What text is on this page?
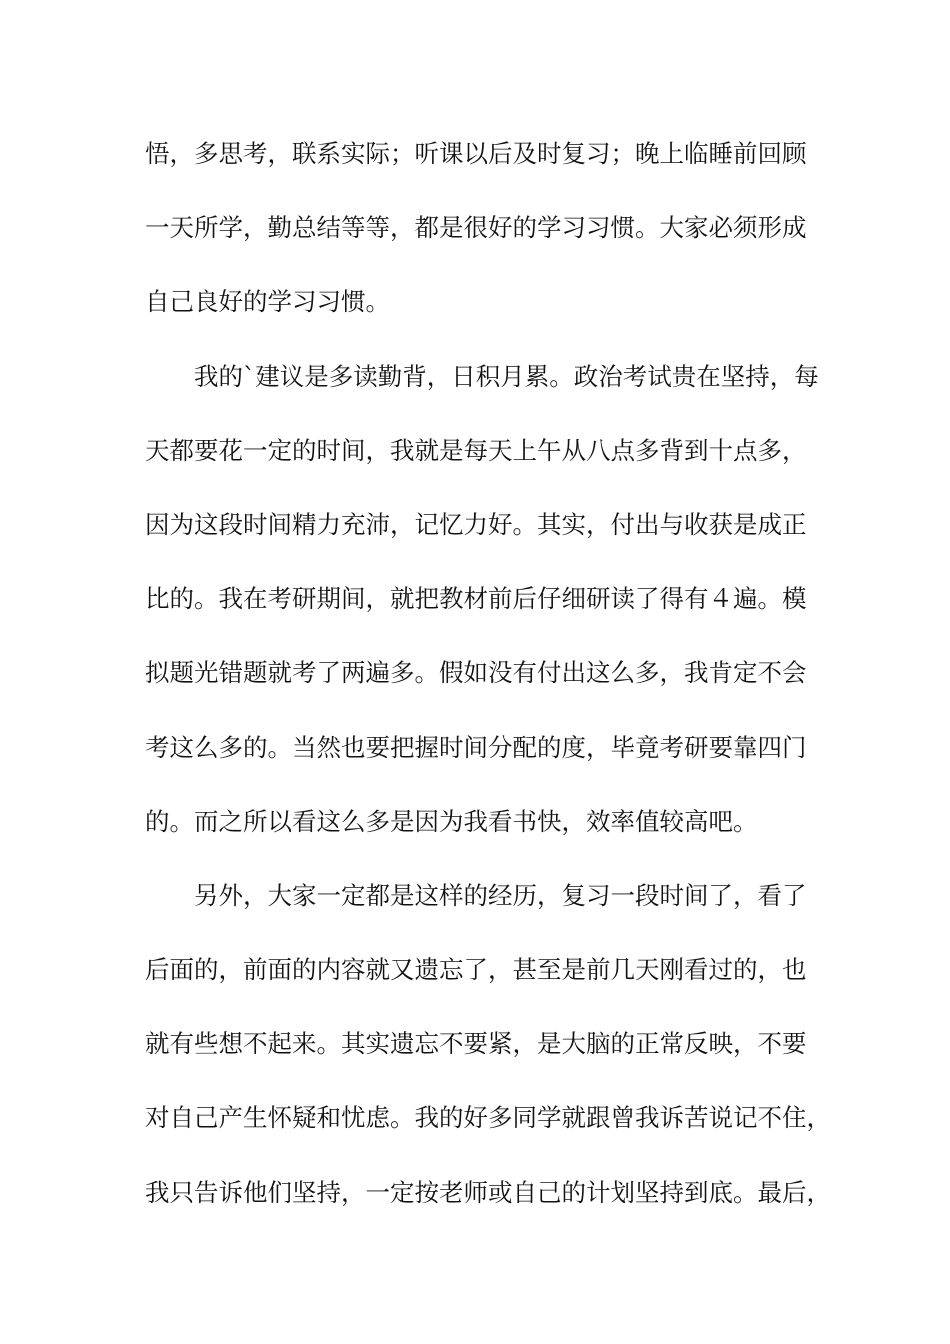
悟，多思考，联系实际；听课以后及时复习；晚上临睡前回顾
一天所学，勤总结等等，都是很好的学习习惯。大家必须形成
自己良好的学习习惯。
我的`建议是多读勤背，日积月累。政治考试贵在坚持，每
天都要花一定的时间，我就是每天上午从八点多背到十点多，
因为这段时间精力充沛，记忆力好。其实，付出与收获是成正
比的。我在考研期间，就把教材前后仔细研读了得有４遍。模
拟题光错题就考了两遍多。假如没有付出这么多，我肯定不会
考这么多的。当然也要把握时间分配的度，毕竟考研要靠四门
的。而之所以看这么多是因为我看书快，效率值较高吧。
另外，大家一定都是这样的经历，复习一段时间了，看了
后面的，前面的内容就又遗忘了，甚至是前几天刚看过的，也
就有些想不起来。其实遗忘不要紧，是大脑的正常反映，不要
对自己产生怀疑和忧虑。我的好多同学就跟曾我诉苦说记不住，
我只告诉他们坚持，一定按老师或自己的计划坚持到底。最后，
